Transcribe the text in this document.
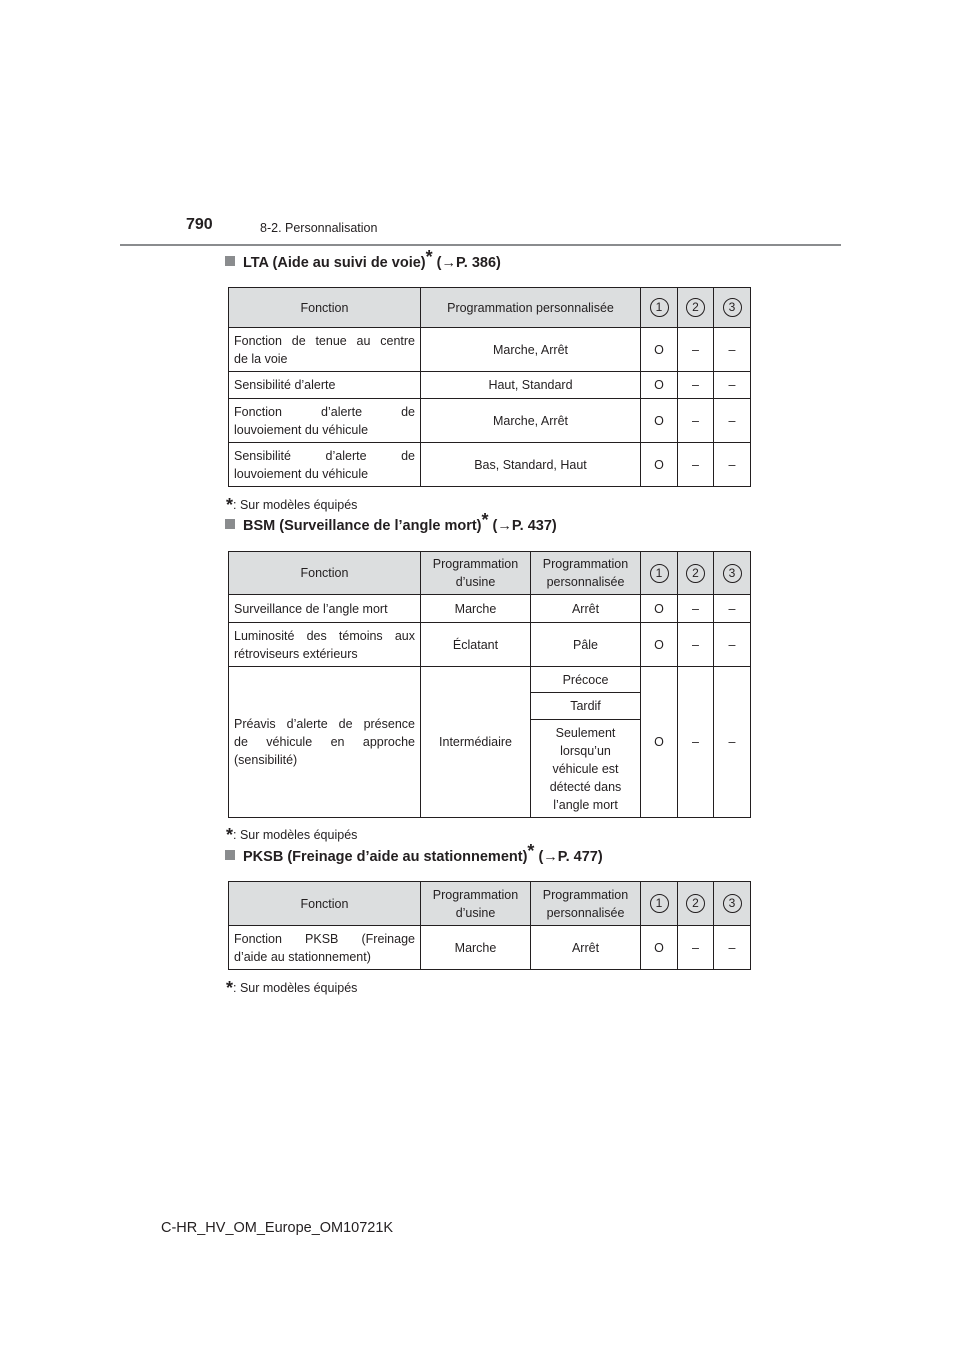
790	8-2. Personnalisation
LTA (Aide au suivi de voie)* (→P. 386)
Fonction	Programmation personnalisée	1	2	3

Fonction de tenue au centre
de la voie	Marche, Arrêt	O	–	–
Sensibilité d’alerte	Haut, Standard	O	–	–

Fonction d’alerte de
louvoiement du véhicule	Marche, Arrêt	O	–	–

Sensibilité d’alerte de
louvoiement du véhicule	Bas, Standard, Haut	O	–	–
*: Sur modèles équipés
BSM (Surveillance de l’angle mort)* (→P. 437)
Fonction	Programmation d’usine	Programmation personnalisée	1	2	3
Surveillance de l’angle mort	Marche	Arrêt	O	–	–

Luminosité des témoins aux
rétroviseurs extérieurs	Éclatant	Pâle	O	–	–

Préavis d’alerte de présence
de véhicule en approche
(sensibilité)	Intermédiaire	Précoce	O	–	–
		Tardif			
		Seulement lorsqu’un véhicule est détecté dans l’angle mort			
*: Sur modèles équipés
PKSB (Freinage d’aide au stationnement)* (→P. 477)
Fonction	Programmation d’usine	Programmation personnalisée	1	2	3

Fonction PKSB (Freinage
d’aide au stationnement)	Marche	Arrêt	O	–	–
*: Sur modèles équipés
C-HR_HV_OM_Europe_OM10721K
